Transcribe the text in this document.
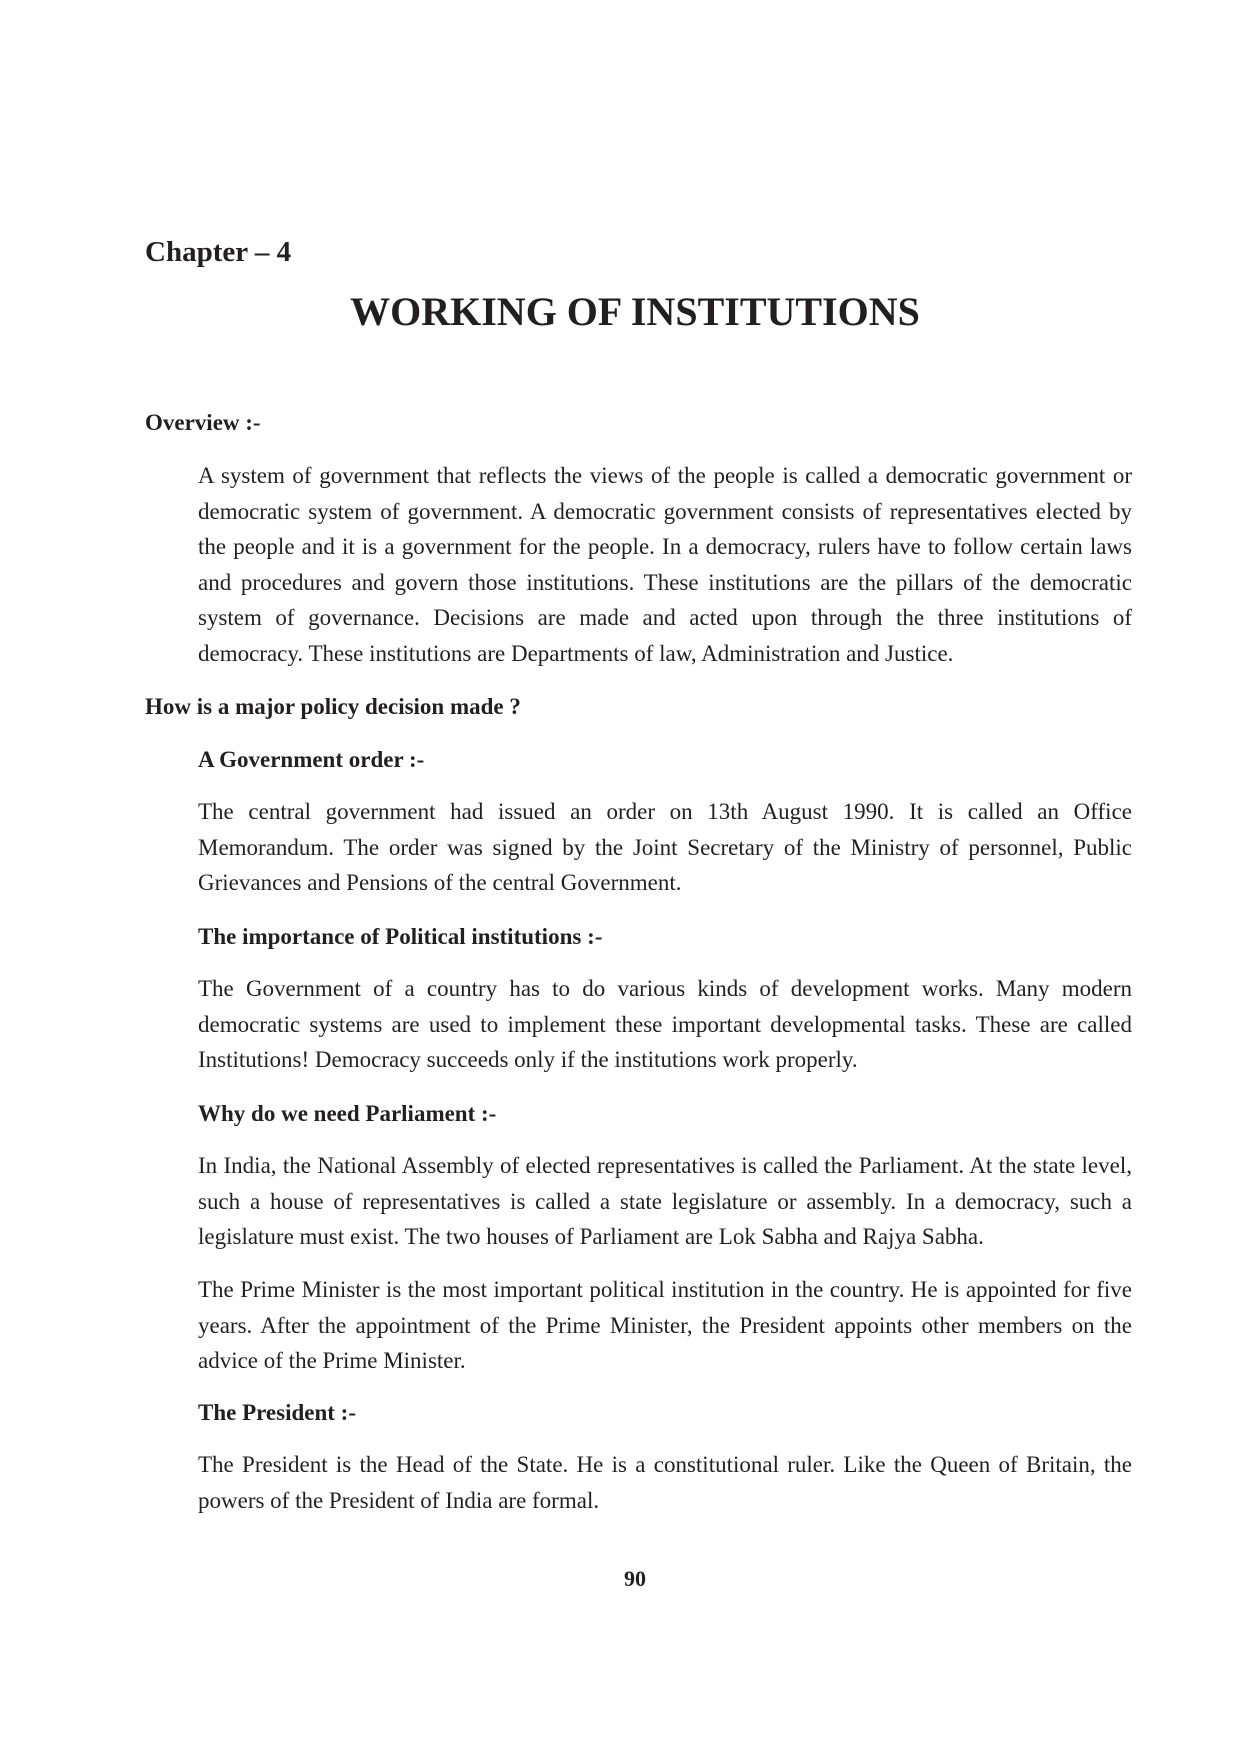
Chapter – 4
WORKING OF INSTITUTIONS
Overview :-

A system of government that reflects the views of the people is called a democratic government or democratic system of government. A democratic government consists of representatives elected by the people and it is a government for the people. In a democracy, rulers have to follow certain laws and procedures and govern those institutions. These institutions are the pillars of the democratic system of governance. Decisions are made and acted upon through the three institutions of democracy. These institutions are Departments of law, Administration and Justice.

How is a major policy decision made ?
A Government order :-

The central government had issued an order on 13th August 1990. It is called an Office Memorandum. The order was signed by the Joint Secretary of the Ministry of personnel, Public Grievances and Pensions of the central Government.

The importance of Political institutions :-

The Government of a country has to do various kinds of development works. Many modern democratic systems are used to implement these important developmental tasks. These are called Institutions! Democracy succeeds only if the institutions work properly.

Why do we need Parliament :-

In India, the National Assembly of elected representatives is called the Parliament. At the state level, such a house of representatives is called a state legislature or assembly. In a democracy, such a legislature must exist. The two houses of Parliament are Lok Sabha and Rajya Sabha.

The Prime Minister is the most important political institution in the country. He is appointed for five years. After the appointment of the Prime Minister, the President appoints other members on the advice of the Prime Minister.

The President :-

The President is the Head of the State. He is a constitutional ruler. Like the Queen of Britain, the powers of the President of India are formal.

90
